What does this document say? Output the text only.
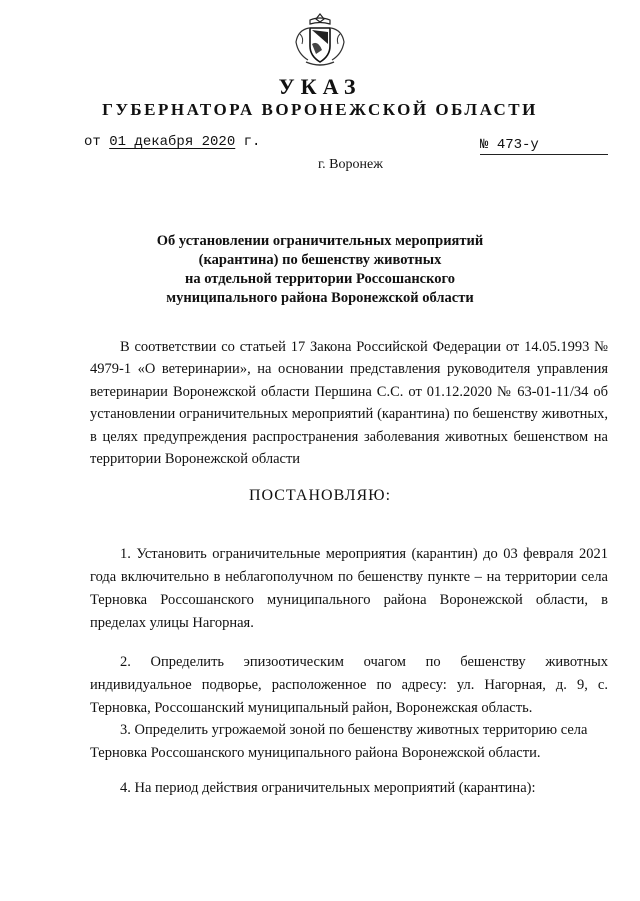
УКАЗ
ГУБЕРНАТОРА ВОРОНЕЖСКОЙ ОБЛАСТИ
от 01 декабря 2020 г.	№ 473-у
г. Воронеж
Об установлении ограничительных мероприятий
(карантина) по бешенству животных
на отдельной территории Россошанского
муниципального района Воронежской области
В соответствии со статьей 17 Закона Российской Федерации от 14.05.1993 № 4979-1 «О ветеринарии», на основании представления руководителя управления ветеринарии Воронежской области Першина С.С. от 01.12.2020 № 63-01-11/34 об установлении ограничительных мероприятий (карантина) по бешенству животных, в целях предупреждения распространения заболевания животных бешенством на территории Воронежской области
ПОСТАНОВЛЯЮ:
1. Установить ограничительные мероприятия (карантин) до 03 февраля 2021 года включительно в неблагополучном по бешенству пункте – на территории села Терновка Россошанского муниципального района Воронежской области, в пределах улицы Нагорная.
2. Определить эпизоотическим очагом по бешенству животных индивидуальное подворье, расположенное по адресу: ул. Нагорная, д. 9, с. Терновка, Россошанский муниципальный район, Воронежская область.
3. Определить угрожаемой зоной по бешенству животных территорию села Терновка Россошанского муниципального района Воронежской области.
4. На период действия ограничительных мероприятий (карантина):
